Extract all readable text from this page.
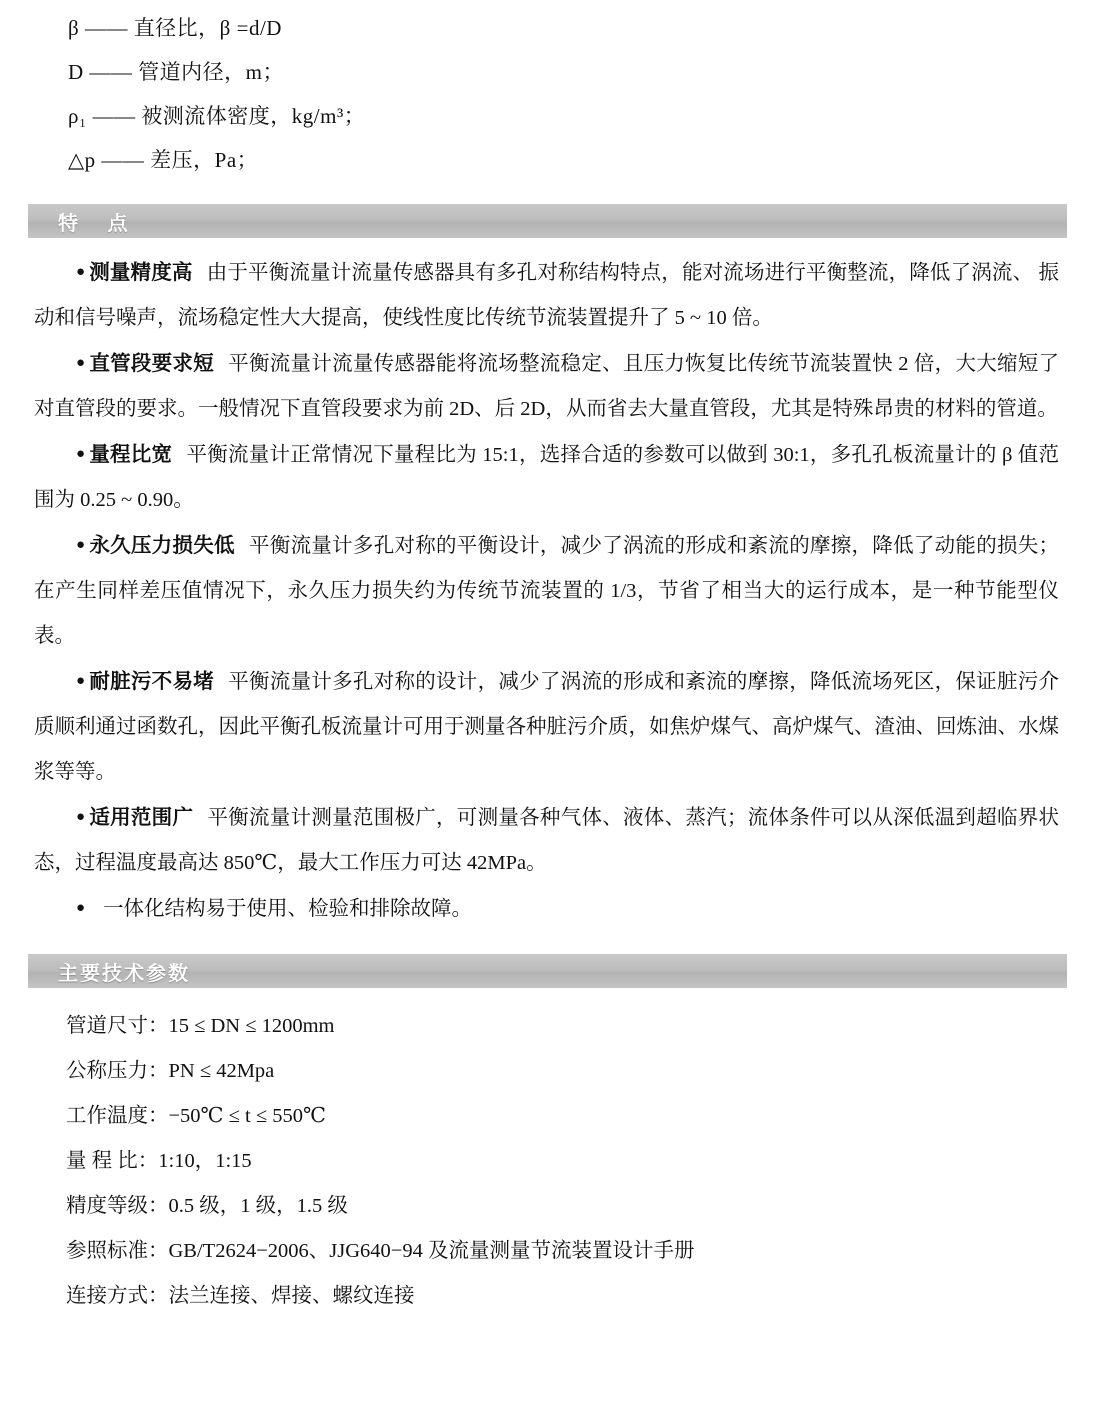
β —— 直径比，β =d/D
D —— 管道内径，m；
ρ₁ —— 被测流体密度，kg/m³；
△p —— 差压，Pa；
特 点

● 测量精度高 由于平衡流量计流量传感器具有多孔对称结构特点，能对流场进行平衡整流，降低了涡流、 振动和信号噪声，流场稳定性大大提高，使线性度比传统节流装置提升了 5 ~ 10 倍。

● 直管段要求短 平衡流量计流量传感器能将流场整流稳定、且压力恢复比传统节流装置快 2 倍，大大缩短了对直管段的要求。一般情况下直管段要求为前 2D、后 2D，从而省去大量直管段，尤其是特殊昂贵的材料的管道。

● 量程比宽 平衡流量计正常情况下量程比为 15:1，选择合适的参数可以做到 30:1，多孔孔板流量计的 β 值范围为 0.25 ~ 0.90。

● 永久压力损失低 平衡流量计多孔对称的平衡设计，减少了涡流的形成和紊流的摩擦，降低了动能的损失；在产生同样差压值情况下，永久压力损失约为传统节流装置的 1/3，节省了相当大的运行成本，是一种节能型仪表。

● 耐脏污不易堵 平衡流量计多孔对称的设计，减少了涡流的形成和紊流的摩擦，降低流场死区，保证脏污介质顺利通过函数孔，因此平衡孔板流量计可用于测量各种脏污介质，如焦炉煤气、高炉煤气、渣油、回炼油、水煤浆等等。

● 适用范围广 平衡流量计测量范围极广，可测量各种气体、液体、蒸汽；流体条件可以从深低温到超临界状态，过程温度最高达 850℃，最大工作压力可达 42MPa。

● 一体化结构易于使用、检验和排除故障。

主要技术参数
管道尺寸：15 ≤ DN ≤ 1200mm
公称压力：PN ≤ 42Mpa
工作温度：−50℃ ≤ t ≤ 550℃
量 程 比：1:10，1:15
精度等级：0.5 级，1 级，1.5 级
参照标准：GB/T2624−2006、JJG640−94 及流量测量节流装置设计手册
连接方式：法兰连接、焊接、螺纹连接
